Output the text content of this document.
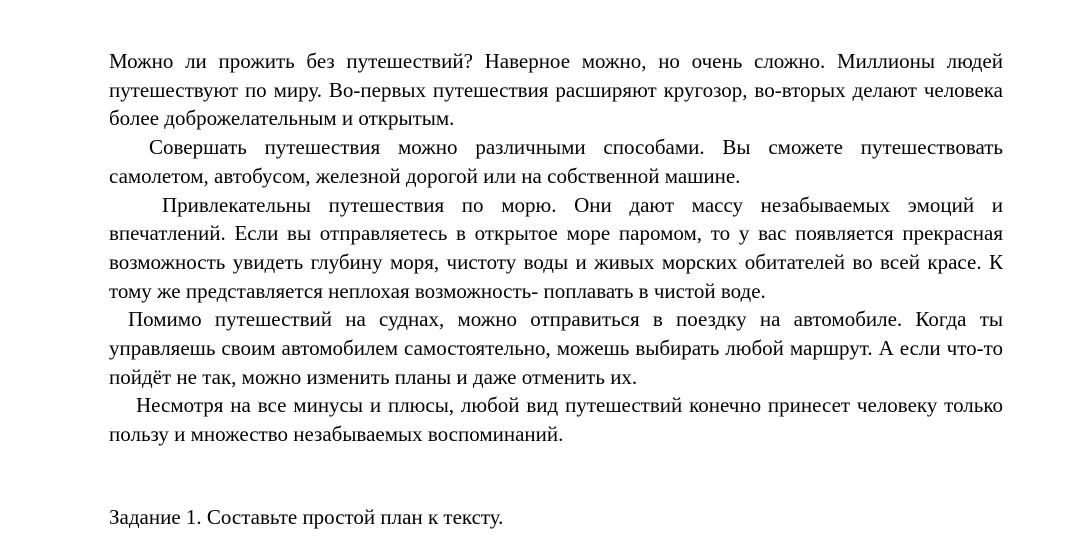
Можно ли прожить без путешествий? Наверное можно, но очень сложно. Миллионы людей путешествуют по миру. Во-первых путешествия расширяют кругозор, во-вторых делают человека более доброжелательным и открытым.

Совершать путешествия можно различными способами. Вы сможете путешествовать самолетом, автобусом, железной дорогой или на собственной машине.

Привлекательны путешествия по морю. Они дают массу незабываемых эмоций и впечатлений. Если вы отправляетесь в открытое море паромом, то у вас появляется прекрасная возможность увидеть глубину моря, чистоту воды и живых морских обитателей во всей красе. К тому же представляется неплохая возможность- поплавать в чистой воде.

Помимо путешествий на суднах, можно отправиться в поездку на автомобиле. Когда ты управляешь своим автомобилем самостоятельно, можешь выбирать любой маршрут. А если что-то пойдёт не так, можно изменить планы и даже отменить их.

Несмотря на все минусы и плюсы, любой вид путешествий конечно принесет человеку только пользу и множество незабываемых воспоминаний.

Задание 1. Составьте простой план к тексту.
